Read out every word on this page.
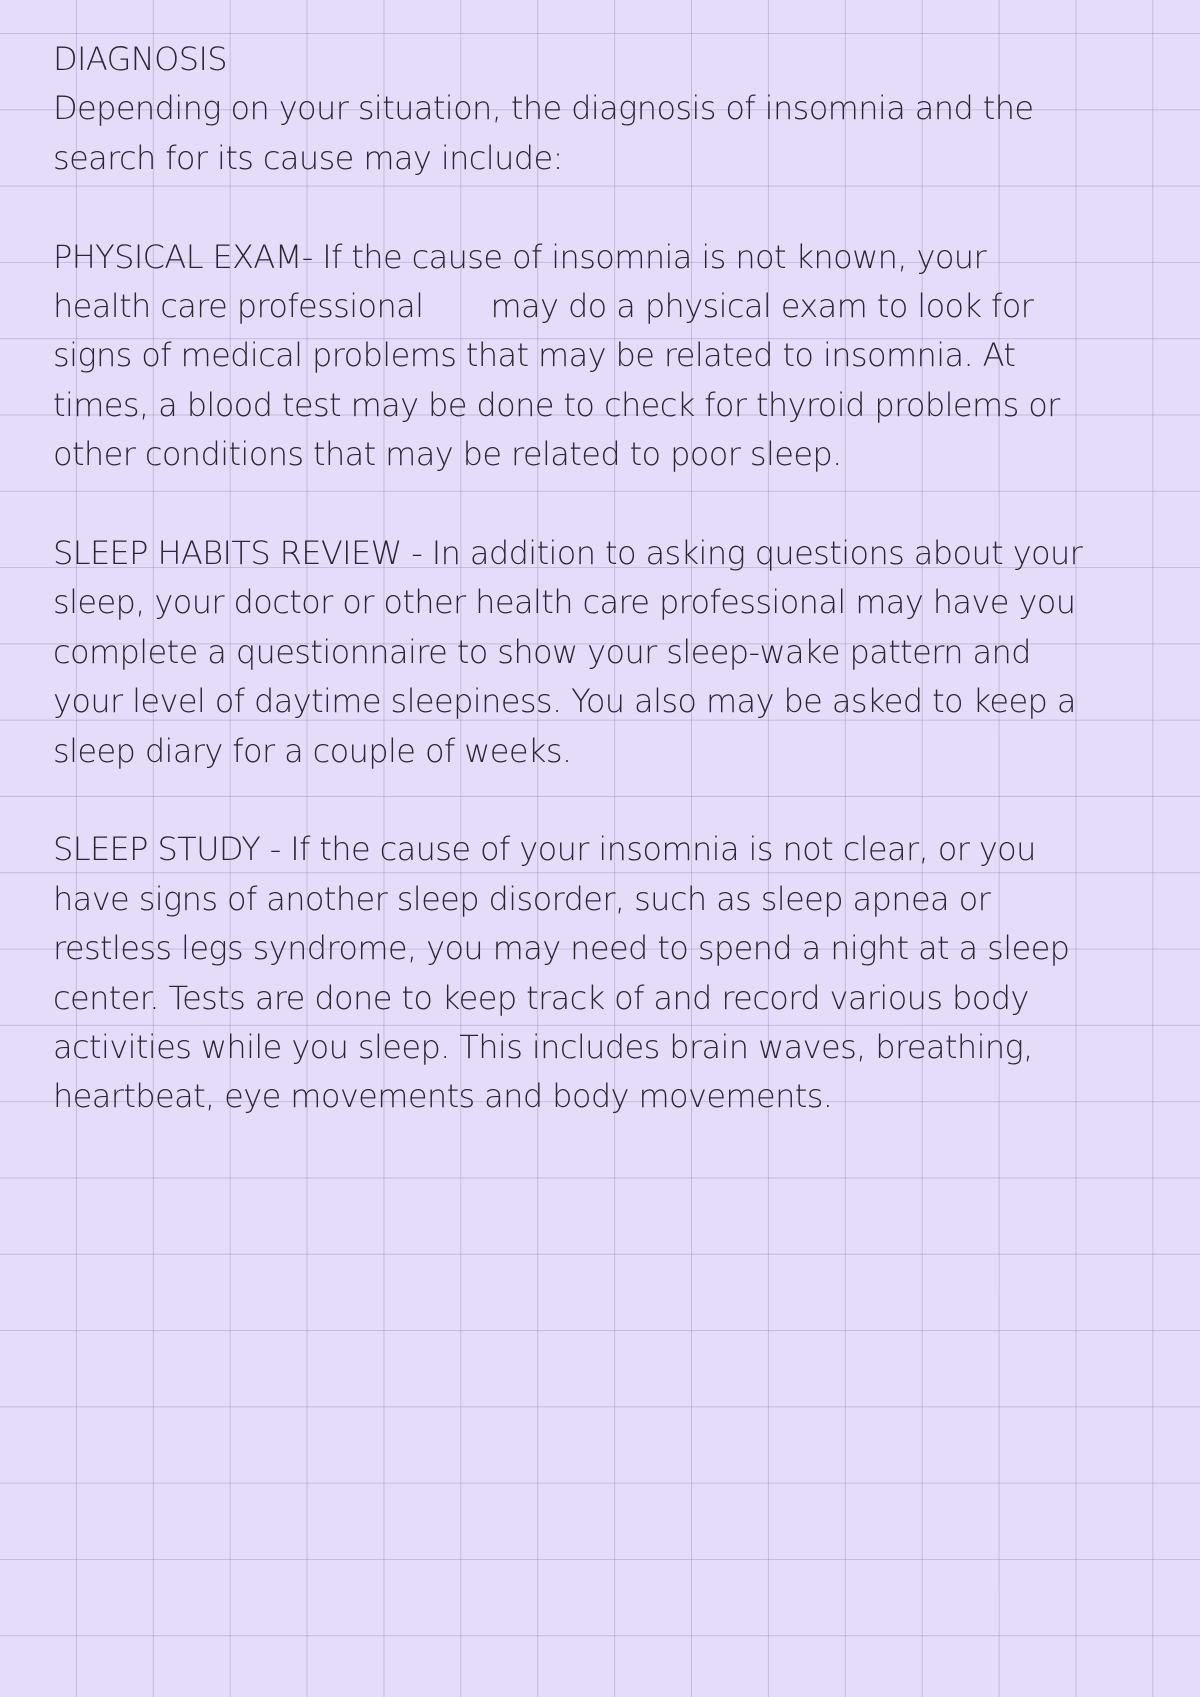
DIAGNOSIS

Depending on your situation, the diagnosis of insomnia and the
search for its cause may include:

PHYSICAL EXAM- If the cause of insomnia is not known, your
health care professional       may do a physical exam to look for
signs of medical problems that may be related to insomnia. At
times, a blood test may be done to check for thyroid problems or
other conditions that may be related to poor sleep.

SLEEP HABITS REVIEW - In addition to asking questions about your
sleep, your doctor or other health care professional may have you
complete a questionnaire to show your sleep-wake pattern and
your level of daytime sleepiness. You also may be asked to keep a
sleep diary for a couple of weeks.

SLEEP STUDY - If the cause of your insomnia is not clear, or you
have signs of another sleep disorder, such as sleep apnea or
restless legs syndrome, you may need to spend a night at a sleep
center. Tests are done to keep track of and record various body
activities while you sleep. This includes brain waves, breathing,
heartbeat, eye movements and body movements.
